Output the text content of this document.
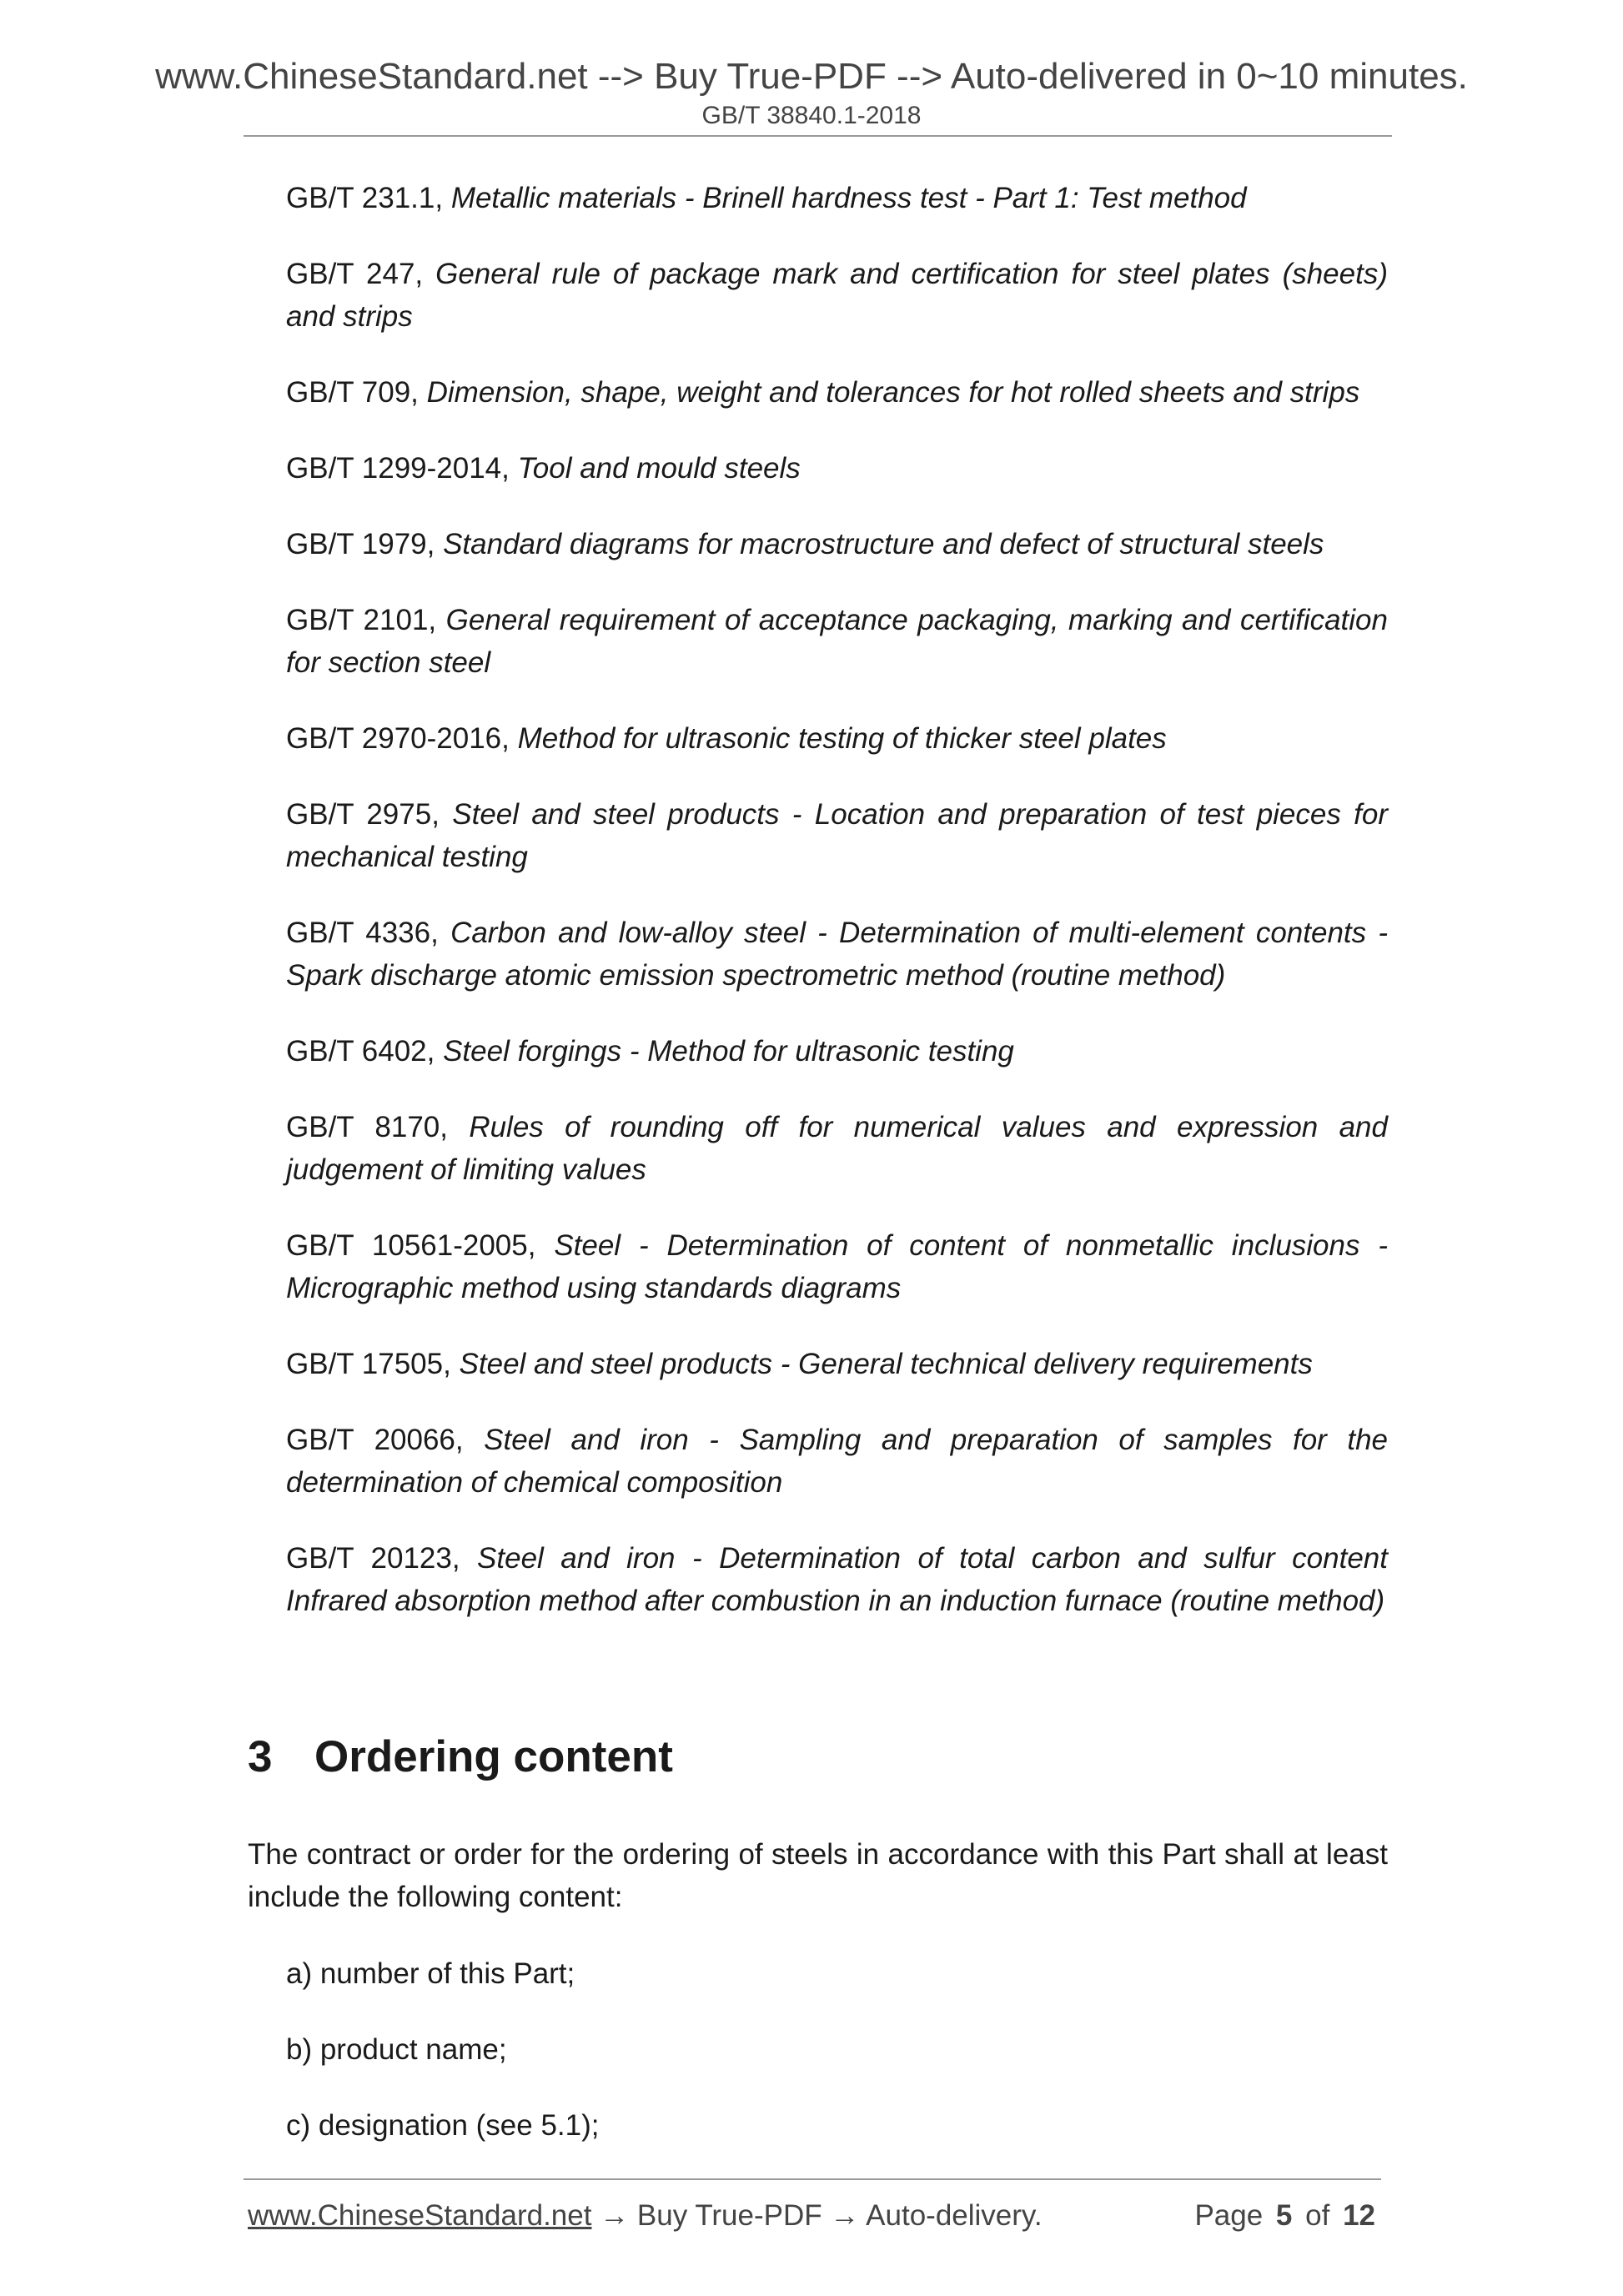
www.ChineseStandard.net --> Buy True-PDF --> Auto-delivered in 0~10 minutes.
GB/T 38840.1-2018

GB/T 231.1, Metallic materials - Brinell hardness test - Part 1: Test method

GB/T 247, General rule of package mark and certification for steel plates (sheets) and strips

GB/T 709, Dimension, shape, weight and tolerances for hot rolled sheets and strips

GB/T 1299-2014, Tool and mould steels

GB/T 1979, Standard diagrams for macrostructure and defect of structural steels

GB/T 2101, General requirement of acceptance packaging, marking and certification for section steel

GB/T 2970-2016, Method for ultrasonic testing of thicker steel plates

GB/T 2975, Steel and steel products - Location and preparation of test pieces for mechanical testing

GB/T 4336, Carbon and low-alloy steel - Determination of multi-element contents - Spark discharge atomic emission spectrometric method (routine method)

GB/T 6402, Steel forgings - Method for ultrasonic testing

GB/T 8170, Rules of rounding off for numerical values and expression and judgement of limiting values

GB/T 10561-2005, Steel - Determination of content of nonmetallic inclusions - Micrographic method using standards diagrams

GB/T 17505, Steel and steel products - General technical delivery requirements

GB/T 20066, Steel and iron - Sampling and preparation of samples for the determination of chemical composition

GB/T 20123, Steel and iron - Determination of total carbon and sulfur content Infrared absorption method after combustion in an induction furnace (routine method)

3 Ordering content
The contract or order for the ordering of steels in accordance with this Part shall at least include the following content:
a) number of this Part;
b) product name;
c) designation (see 5.1);
www.ChineseStandard.net → Buy True-PDF → Auto-delivery.	Page 5 of 12
